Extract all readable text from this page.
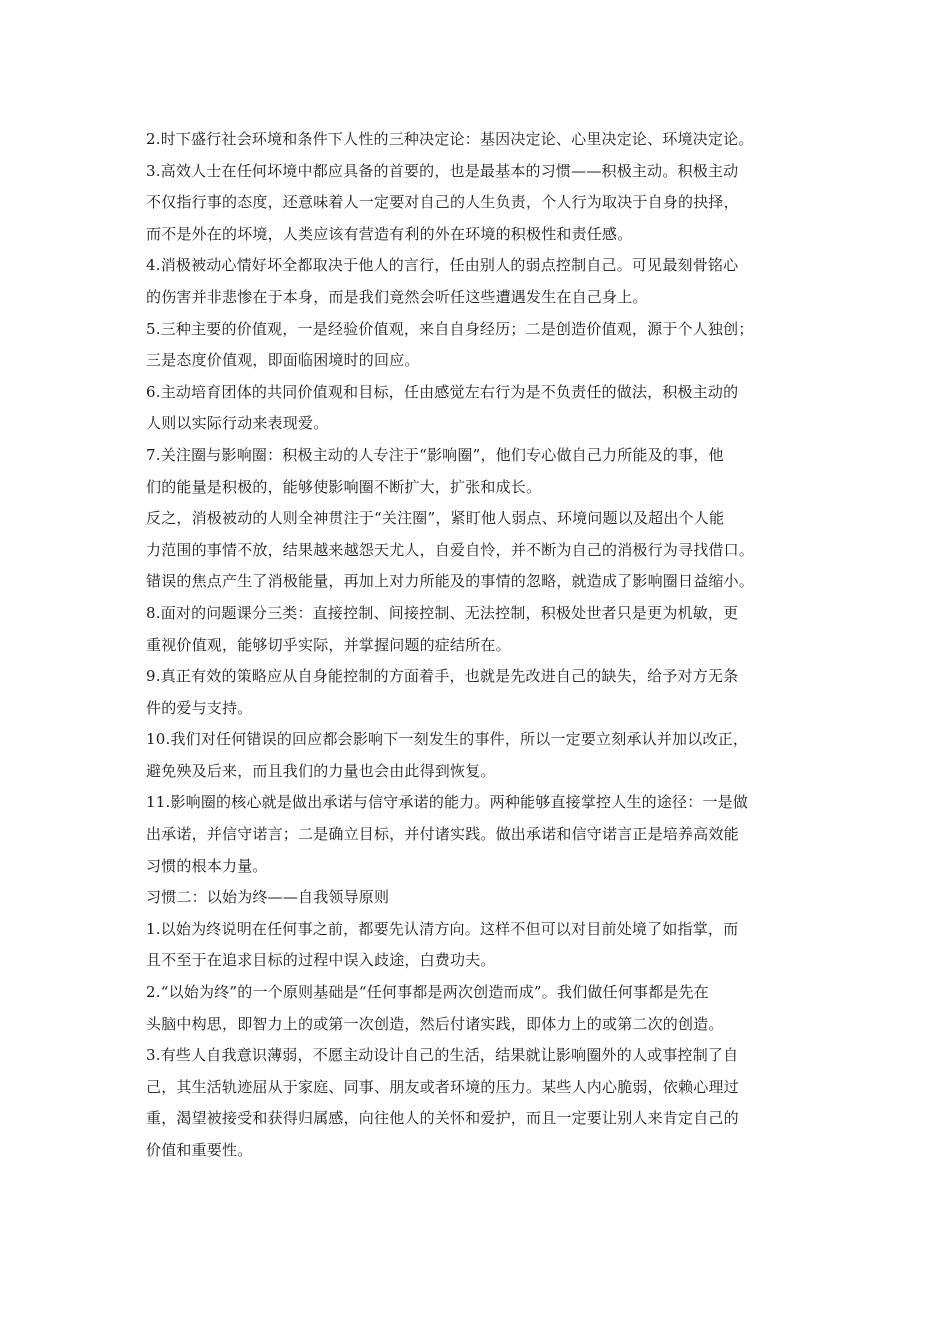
2.时下盛行社会环境和条件下人性的三种决定论：基因决定论、心里决定论、环境决定论。
3.高效人士在任何坏境中都应具备的首要的，也是最基本的习惯——积极主动。积极主动
不仅指行事的态度，还意味着人一定要对自己的人生负责，个人行为取决于自身的抉择，
而不是外在的坏境，人类应该有营造有利的外在环境的积极性和责任感。
4.消极被动心情好坏全都取决于他人的言行，任由别人的弱点控制自己。可见最刻骨铭心
的伤害并非悲惨在于本身，而是我们竟然会听任这些遭遇发生在自己身上。
5.三种主要的价值观，一是经验价值观，来自自身经历；二是创造价值观，源于个人独创；
三是态度价值观，即面临困境时的回应。
6.主动培育团体的共同价值观和目标，任由感觉左右行为是不负责任的做法，积极主动的
人则以实际行动来表现爱。
7.关注圈与影响圈：积极主动的人专注于“影响圈”，他们专心做自己力所能及的事，他
们的能量是积极的，能够使影响圈不断扩大，扩张和成长。
反之，消极被动的人则全神贯注于“关注圈”，紧盯他人弱点、环境问题以及超出个人能
力范围的事情不放，结果越来越怨天尤人，自爱自怜，并不断为自己的消极行为寻找借口。
错误的焦点产生了消极能量，再加上对力所能及的事情的忽略，就造成了影响圈日益缩小。
8.面对的问题课分三类：直接控制、间接控制、无法控制，积极处世者只是更为机敏，更
重视价值观，能够切乎实际，并掌握问题的症结所在。
9.真正有效的策略应从自身能控制的方面着手，也就是先改进自己的缺失，给予对方无条
件的爱与支持。
10.我们对任何错误的回应都会影响下一刻发生的事件，所以一定要立刻承认并加以改正，
避免殃及后来，而且我们的力量也会由此得到恢复。
11.影响圈的核心就是做出承诺与信守承诺的能力。两种能够直接掌控人生的途径：一是做
出承诺，并信守诺言；二是确立目标，并付诸实践。做出承诺和信守诺言正是培养高效能
习惯的根本力量。
习惯二：以始为终——自我领导原则
1.以始为终说明在任何事之前，都要先认清方向。这样不但可以对目前处境了如指掌，而
且不至于在追求目标的过程中误入歧途，白费功夫。
2.“以始为终”的一个原则基础是“任何事都是两次创造而成”。我们做任何事都是先在
头脑中构思，即智力上的或第一次创造，然后付诸实践，即体力上的或第二次的创造。
3.有些人自我意识薄弱，不愿主动设计自己的生活，结果就让影响圈外的人或事控制了自
己，其生活轨迹屈从于家庭、同事、朋友或者环境的压力。某些人内心脆弱，依赖心理过
重，渴望被接受和获得归属感，向往他人的关怀和爱护，而且一定要让别人来肯定自己的
价值和重要性。
